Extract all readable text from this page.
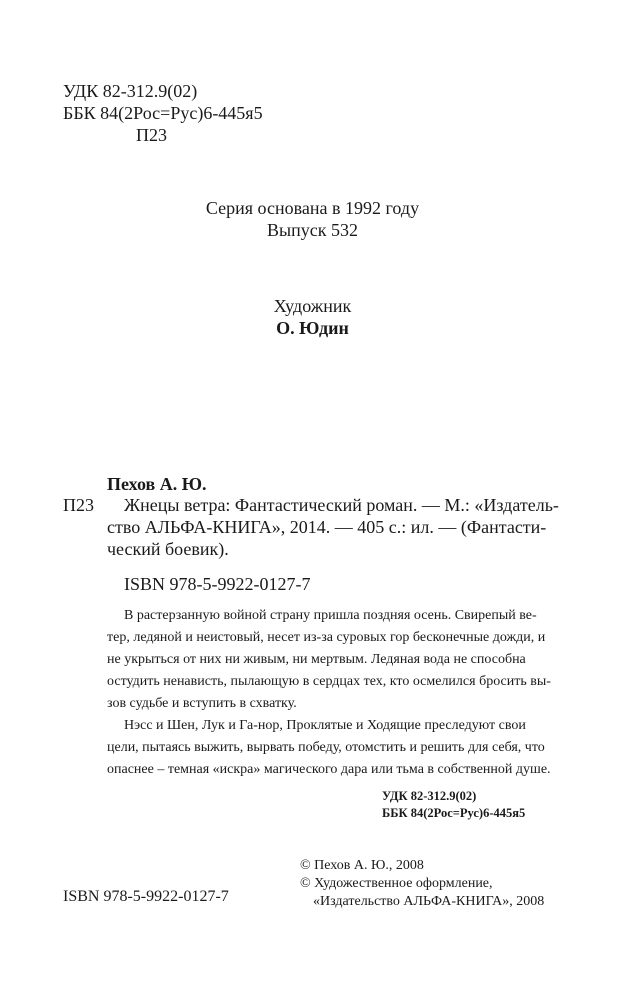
УДК 82-312.9(02)
ББК 84(2Рос=Рус)6-445я5
П23
Серия основана в 1992 году
Выпуск 532
Художник
О. Юдин
Пехов А. Ю.
П23 Жнецы ветра: Фантастический роман. — М.: «Издатель-
ство АЛЬФА-КНИГА», 2014. — 405 с.: ил. — (Фантасти-
ческий боевик).
ISBN 978-5-9922-0127-7
В растерзанную войной страну пришла поздняя осень. Свирепый ве-
тер, ледяной и неистовый, несет из-за суровых гор бесконечные дожди, и
не укрыться от них ни живым, ни мертвым. Ледяная вода не способна
остудить ненависть, пылающую в сердцах тех, кто осмелился бросить вы-
зов судьбе и вступить в схватку.
Нэсс и Шен, Лук и Га-нор, Проклятые и Ходящие преследуют свои
цели, пытаясь выжить, вырвать победу, отомстить и решить для себя, что
опаснее – темная «искра» магического дара или тьма в собственной душе.
УДК 82-312.9(02)
ББК 84(2Рос=Рус)6-445я5
ISBN 978-5-9922-0127-7
© Пехов А. Ю., 2008
© Художественное оформление,
«Издательство АЛЬФА-КНИГА», 2008
